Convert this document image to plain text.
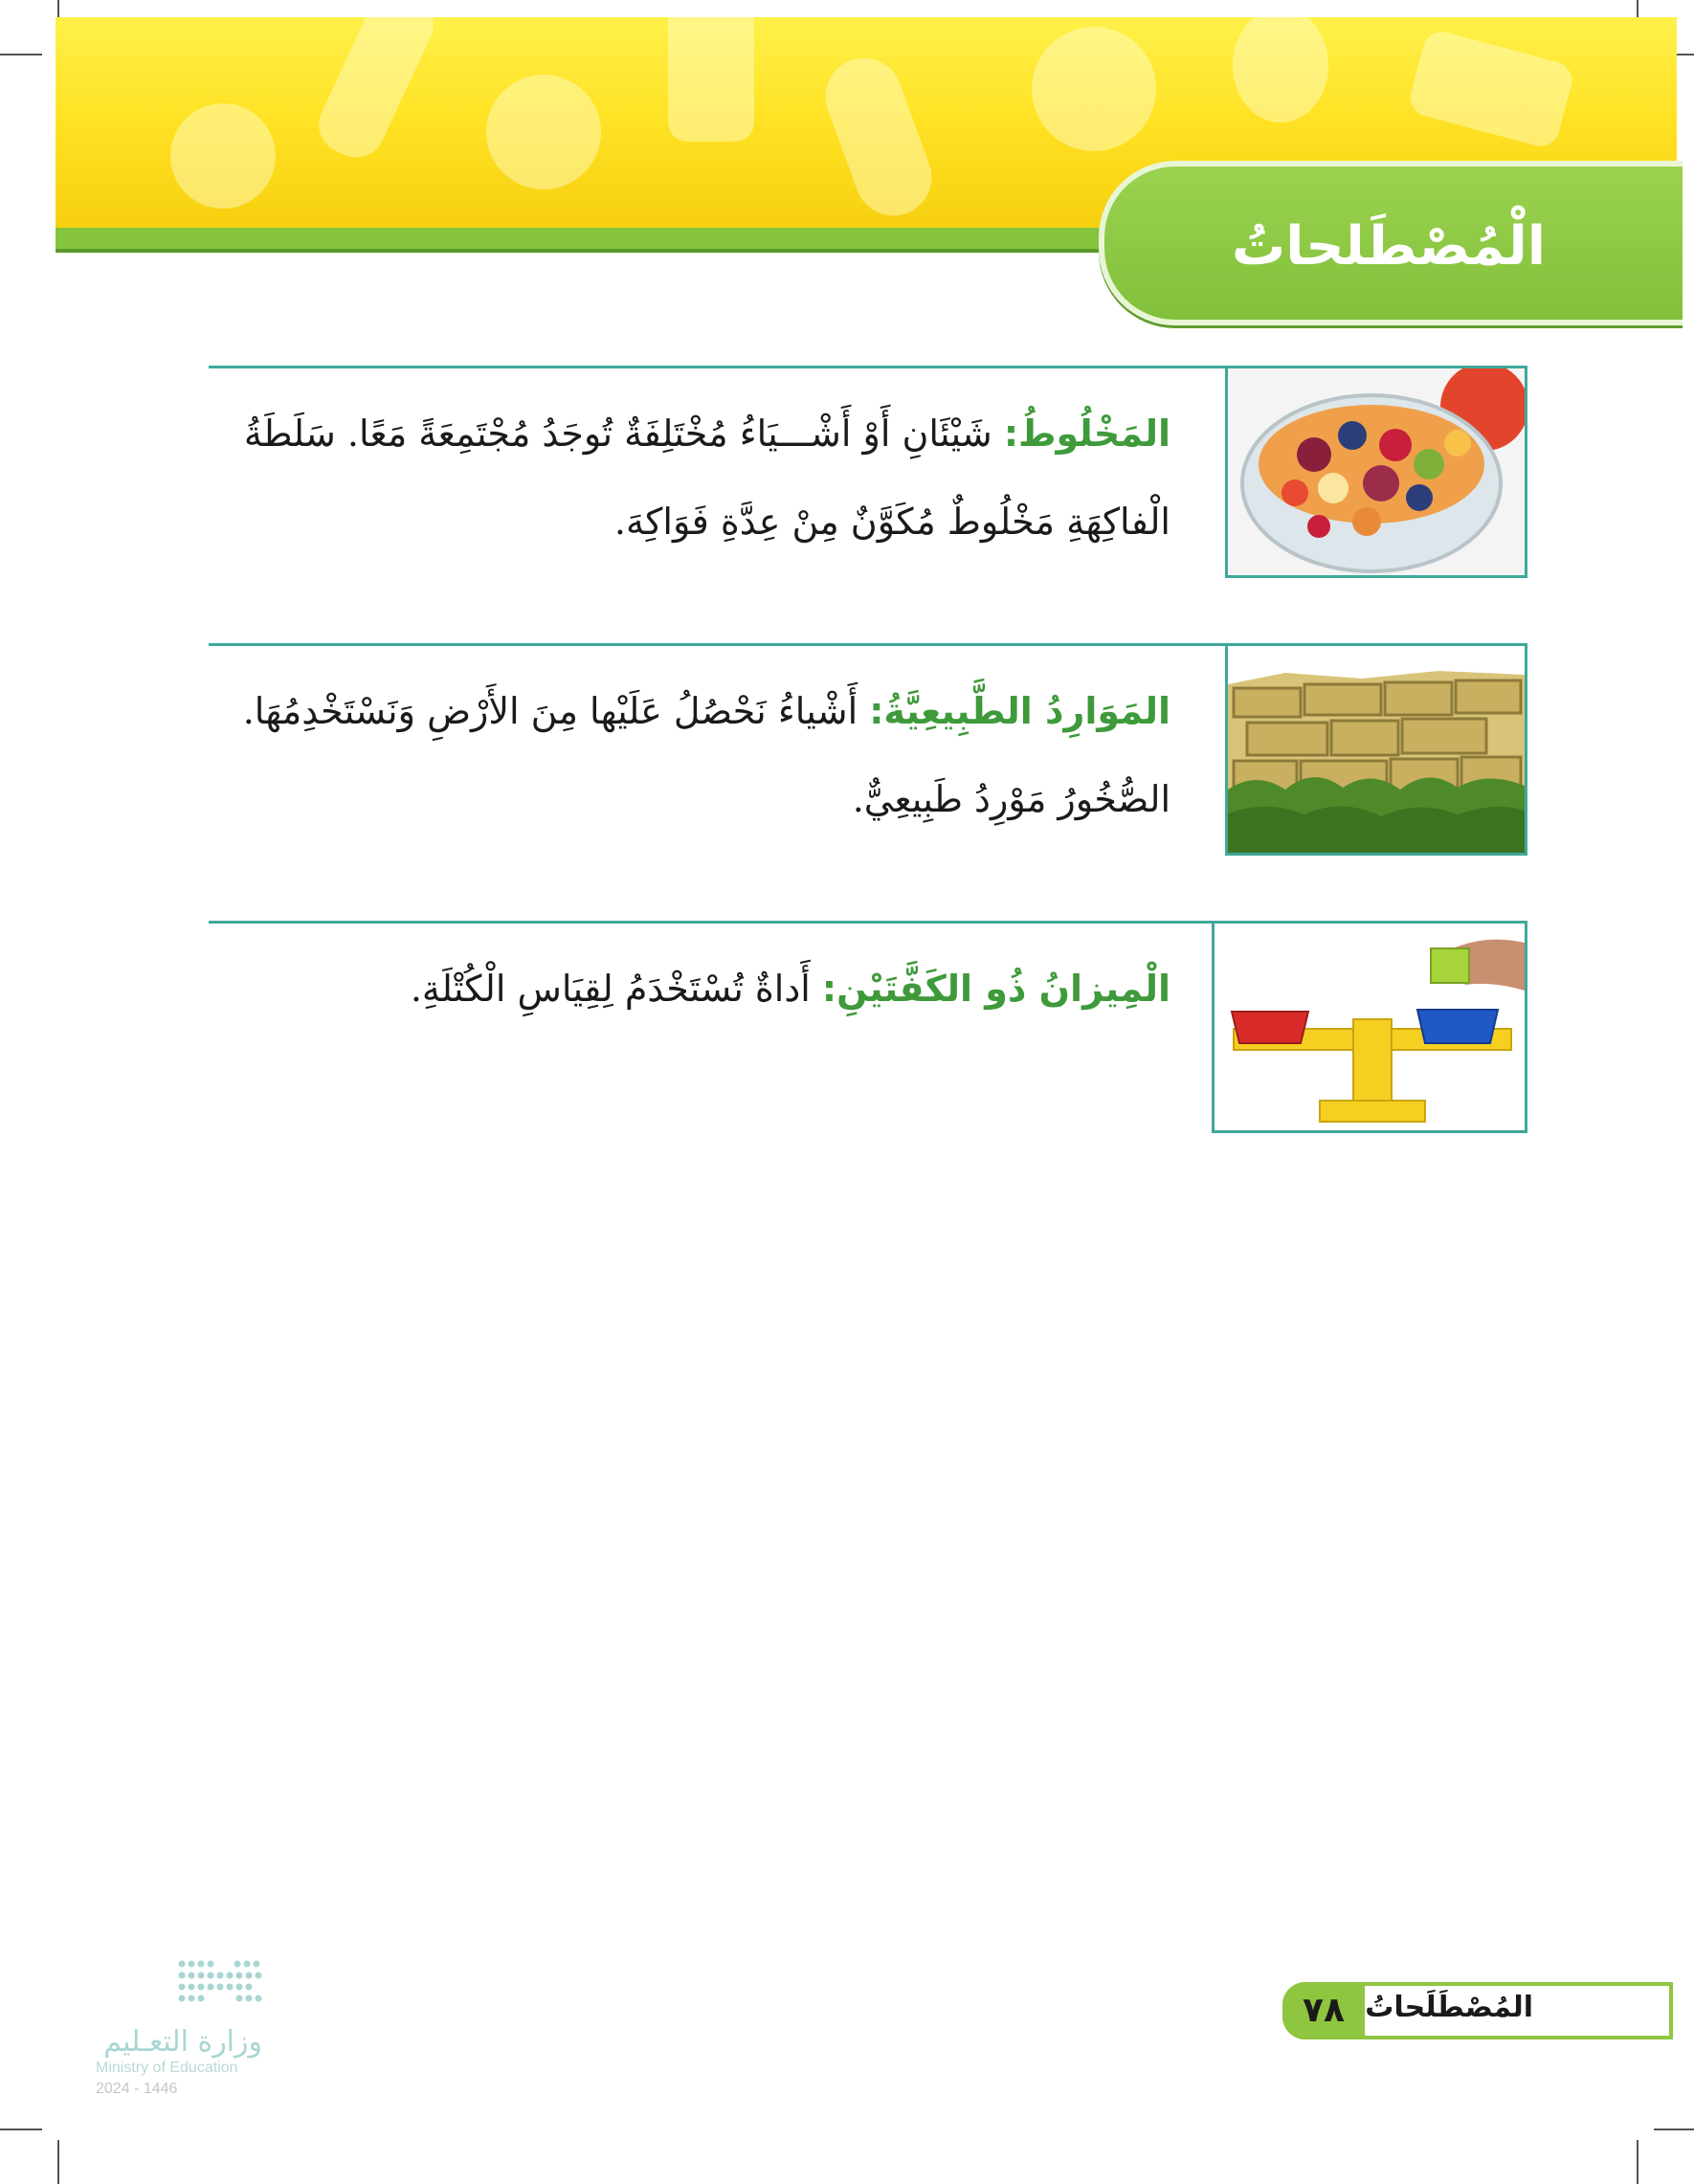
الْمُصْطَلحاتُ
المَخْلُوطُ: شَيْئَانِ أَوْ أَشْـــيَاءُ مُخْتَلِفَةٌ تُوجَدُ مُجْتَمِعَةً مَعًا. سَلَطَةُ الْفاكِهَةِ مَخْلُوطٌ مُكَوَّنٌ مِنْ عِدَّةِ فَوَاكِهَ.
المَوَارِدُ الطَّبِيعِيَّةُ: أَشْياءُ نَحْصُلُ عَلَيْها مِنَ الأَرْضِ وَنَسْتَخْدِمُهَا. الصُّخُورُ مَوْرِدُ طَبِيعِيٌّ.
الْمِيزانُ ذُو الكَفَّتَيْنِ: أَداةٌ تُسْتَخْدَمُ لِقِيَاسِ الْكُتْلَةِ.
٧٨ المُصْطَلَحاتُ
وزارة التعـليم
Ministry of Education
2024 - 1446
